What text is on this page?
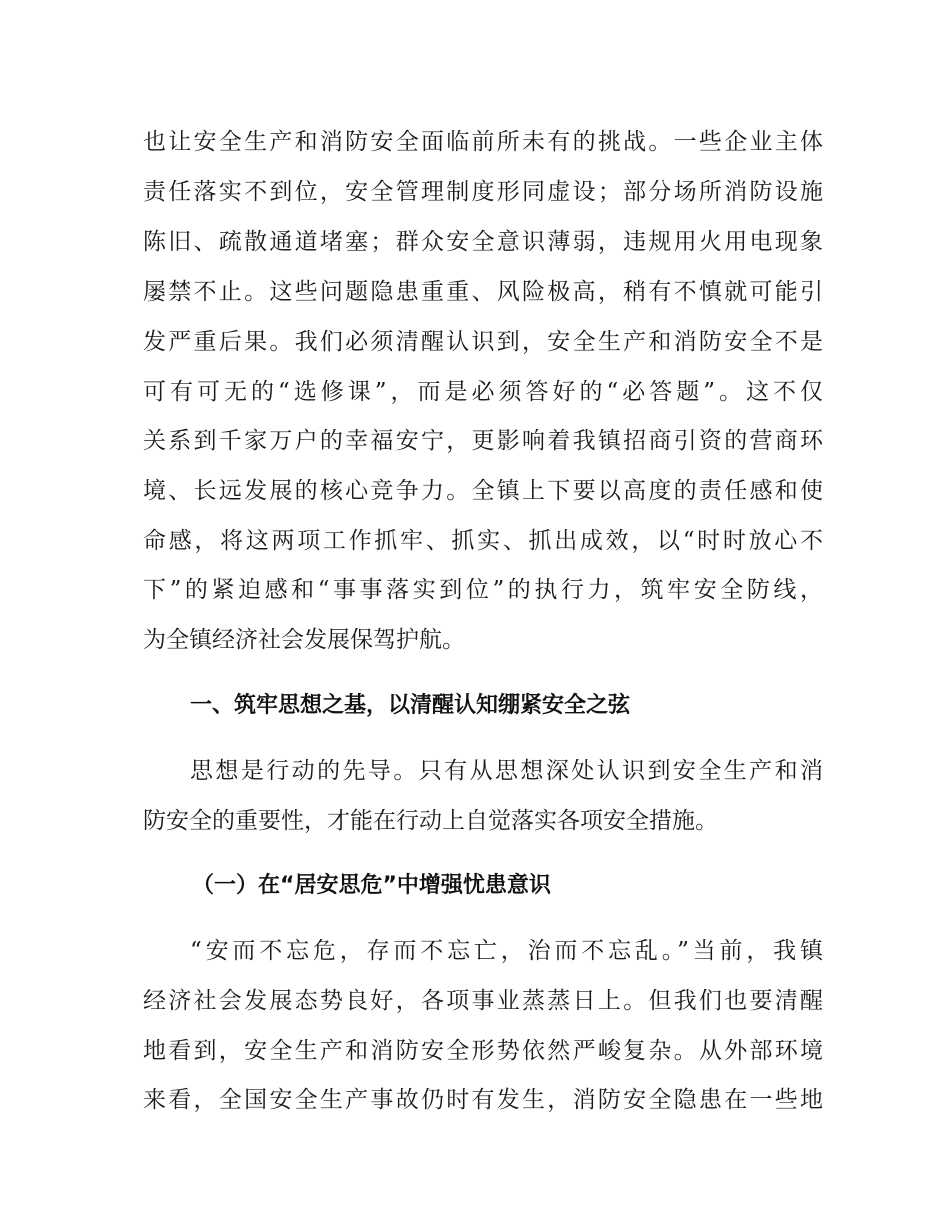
也让安全生产和消防安全面临前所未有的挑战。一些企业主体
责任落实不到位，安全管理制度形同虚设；部分场所消防设施
陈旧、疏散通道堵塞；群众安全意识薄弱，违规用火用电现象
屡禁不止。这些问题隐患重重、风险极高，稍有不慎就可能引
发严重后果。我们必须清醒认识到，安全生产和消防安全不是
可有可无的“选修课”，而是必须答好的“必答题”。这不仅
关系到千家万户的幸福安宁，更影响着我镇招商引资的营商环
境、长远发展的核心竞争力。全镇上下要以高度的责任感和使
命感，将这两项工作抓牢、抓实、抓出成效，以“时时放心不
下”的紧迫感和“事事落实到位”的执行力，筑牢安全防线，
为全镇经济社会发展保驾护航。
一、筑牢思想之基，以清醒认知绷紧安全之弦
思想是行动的先导。只有从思想深处认识到安全生产和消
防安全的重要性，才能在行动上自觉落实各项安全措施。
（一）在“居安思危”中增强忧患意识
“安而不忘危，存而不忘亡，治而不忘乱。”当前，我镇
经济社会发展态势良好，各项事业蒸蒸日上。但我们也要清醒
地看到，安全生产和消防安全形势依然严峻复杂。从外部环境
来看，全国安全生产事故仍时有发生，消防安全隐患在一些地
